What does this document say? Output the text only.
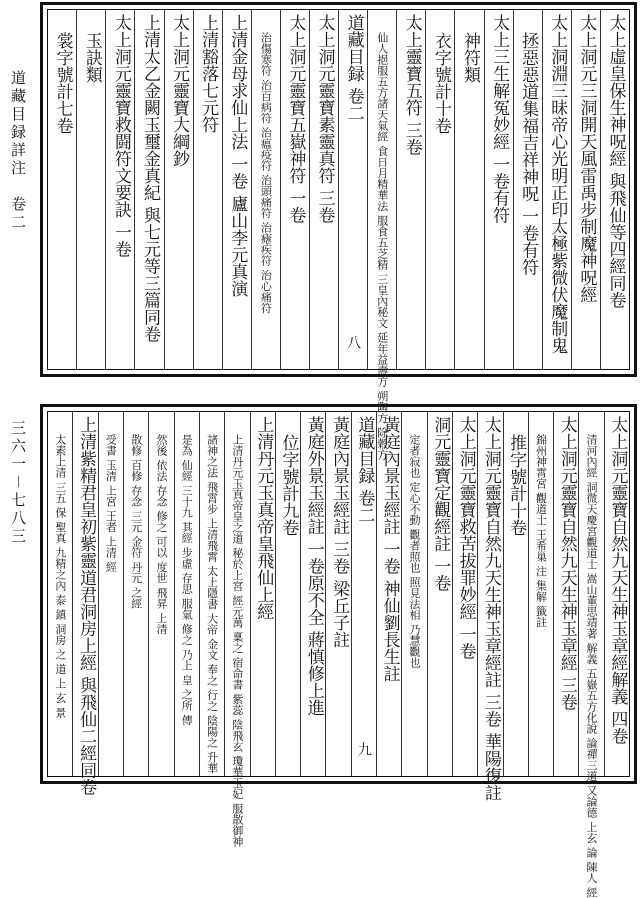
道藏目録詳注　卷二
三六一－七八三
太上虛皇保生神呪經 與飛仙等四經同卷
太上洞元三洞開天風雷禹步制魔神呪經
太上洞淵三昧帝心光明正印太極紫微伏魔制鬼
拯惡惡道集福吉祥神呪 一卷有符
太上三生解冤妙經 一卷有符
神符類
衣字號計十卷
太上靈寶五符 三卷
仙人挹服五方諸天氣經 食日月精華法 服食五芝精 三皇內秘文 延年益壽方 朔陶方 除穀方
道藏目録 卷二
八
太上洞元靈寶素靈真符 三卷
太上洞元靈寶五嶽神符 一卷
治傷寒符 治百病符 治瘟疫符 治頭痛符 治瘧疾符 治心痛符
上清金母求仙上法 一卷 廬山李元真演
上清豁落七元符
太上洞元靈寶大綱鈔
上清太乙金闕玉璽金真紀 與七元等三篇同卷
太上洞元靈寶救闘符文要訣 一卷
玉訣類
裳字號計七卷
太上洞元靈寶自然九天生神玉章經解義 四卷
清河內經 洞微天慶宮觀道士 嵩山董思靖著 解義 五嶽五方化說 論禪三道 又論德 上玄 論 陳人 經
太上洞元靈寶自然九天生神玉章經 三卷
錦州神霄宮 觀道士 王希巢 注 集解 籤註
推字號計十卷
太上洞元靈寶自然九天生神玉章經註 三卷 華陽復註
太上洞元靈寶救苦拔罪妙經 一卷
洞元靈寶定觀經註 一卷
定者寂也 定心不動 觀者照也 照見法相 乃慧觀也
黃庭內景玉經註 一卷 神仙劉長生註
道藏目録 卷二
九
黃庭內景玉經註 三卷 梁丘子註
黃庭外景玉經註 一卷原不全 蔣慎修上進
位字號計九卷
上清丹元玉真帝皇飛仙上經
上清丹元玉真帝皇之道 秘於上宮 經元萬 稟之 宿命書 紫蕊 陰飛玄 瓊華玉妃 服散御神
諸神之法 飛霄步 上清飛霄 太上隱書 大帝 金文 奉之 行之 陰陽之 升華
是為 仙經 三十九 其經 步虛 存思 服氣 修之 乃上 皇 之所 傳
然後 依法 存念 修之 可以 度世 飛昇 上清
散修 百修 存念 三元 金符 丹元 之經
受書 玉清 上宮 王者 上清 經
上清紫精君皇初紫靈道君洞房上經 與飛仙二經同卷
太素上清 三五 保 聖真 九精之內 泰 鎮 洞房 之 道 上 玄 景
